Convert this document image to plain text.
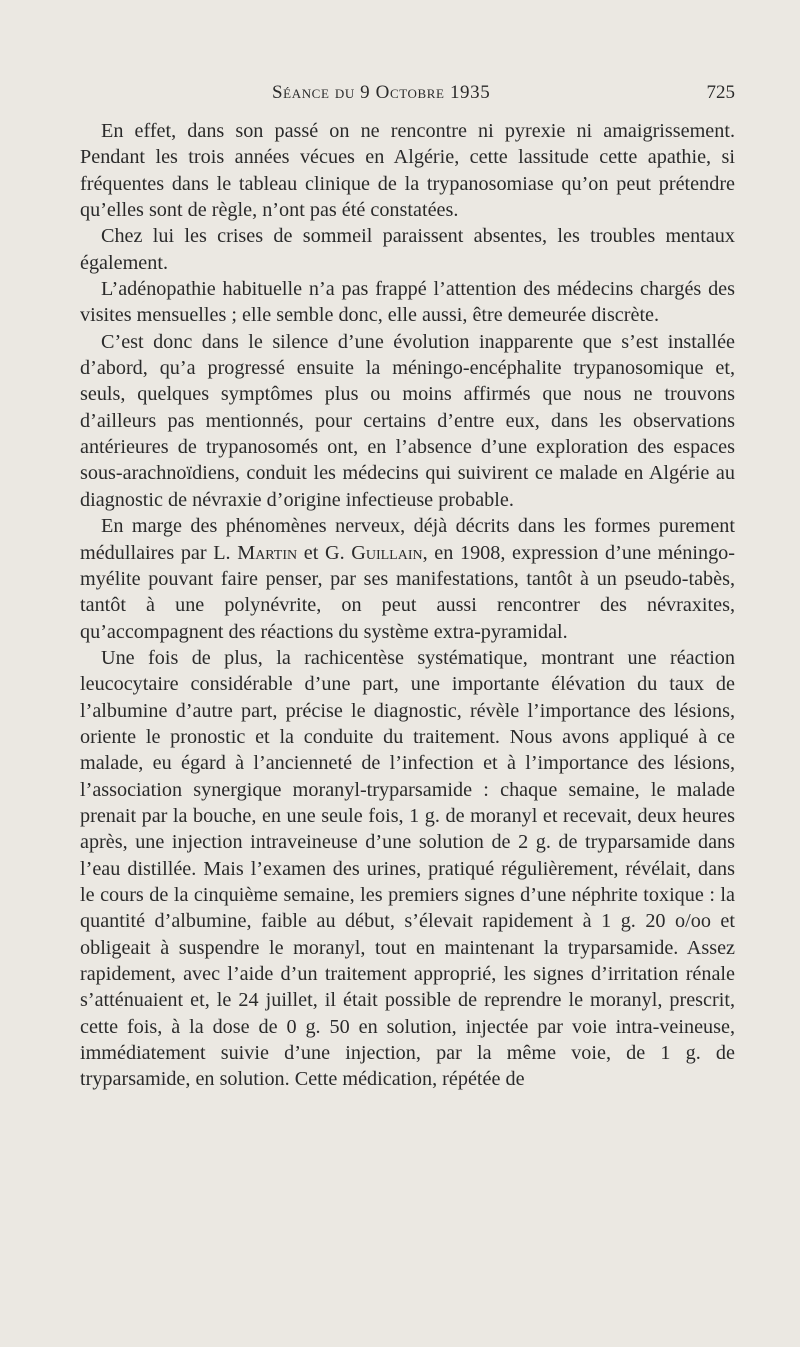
Séance du 9 Octobre 1935	725

En effet, dans son passé on ne rencontre ni pyrexie ni amaigrissement. Pendant les trois années vécues en Algérie, cette lassitude cette apathie, si fréquentes dans le tableau clinique de la trypanosomiase qu’on peut prétendre qu’elles sont de règle, n’ont pas été constatées.

Chez lui les crises de sommeil paraissent absentes, les troubles mentaux également.

L’adénopathie habituelle n’a pas frappé l’attention des médecins chargés des visites mensuelles ; elle semble donc, elle aussi, être demeurée discrète.

C’est donc dans le silence d’une évolution inapparente que s’est installée d’abord, qu’a progressé ensuite la méningo-encéphalite trypanosomique et, seuls, quelques symptômes plus ou moins affirmés que nous ne trouvons d’ailleurs pas mentionnés, pour certains d’entre eux, dans les observations antérieures de trypanosomés ont, en l’absence d’une exploration des espaces sous-arachnoïdiens, conduit les médecins qui suivirent ce malade en Algérie au diagnostic de névraxie d’origine infectieuse probable.

En marge des phénomènes nerveux, déjà décrits dans les formes purement médullaires par L. Martin et G. Guillain, en 1908, expression d’une méningo-myélite pouvant faire penser, par ses manifestations, tantôt à un pseudo-tabès, tantôt à une polynévrite, on peut aussi rencontrer des névraxites, qu’accompagnent des réactions du système extra-pyramidal.

Une fois de plus, la rachicentèse systématique, montrant une réaction leucocytaire considérable d’une part, une importante élévation du taux de l’albumine d’autre part, précise le diagnostic, révèle l’importance des lésions, oriente le pronostic et la conduite du traitement. Nous avons appliqué à ce malade, eu égard à l’ancienneté de l’infection et à l’importance des lésions, l’association synergique moranyl-tryparsamide : chaque semaine, le malade prenait par la bouche, en une seule fois, 1 g. de moranyl et recevait, deux heures après, une injection intraveineuse d’une solution de 2 g. de tryparsamide dans l’eau distillée. Mais l’examen des urines, pratiqué régulièrement, révélait, dans le cours de la cinquième semaine, les premiers signes d’une néphrite toxique : la quantité d’albumine, faible au début, s’élevait rapidement à 1 g. 20 o/oo et obligeait à suspendre le moranyl, tout en maintenant la tryparsamide. Assez rapidement, avec l’aide d’un traitement approprié, les signes d’irritation rénale s’atténuaient et, le 24 juillet, il était possible de reprendre le moranyl, prescrit, cette fois, à la dose de 0 g. 50 en solution, injectée par voie intra-veineuse, immédiatement suivie d’une injection, par la même voie, de 1 g. de tryparsamide, en solution. Cette médication, répétée de
